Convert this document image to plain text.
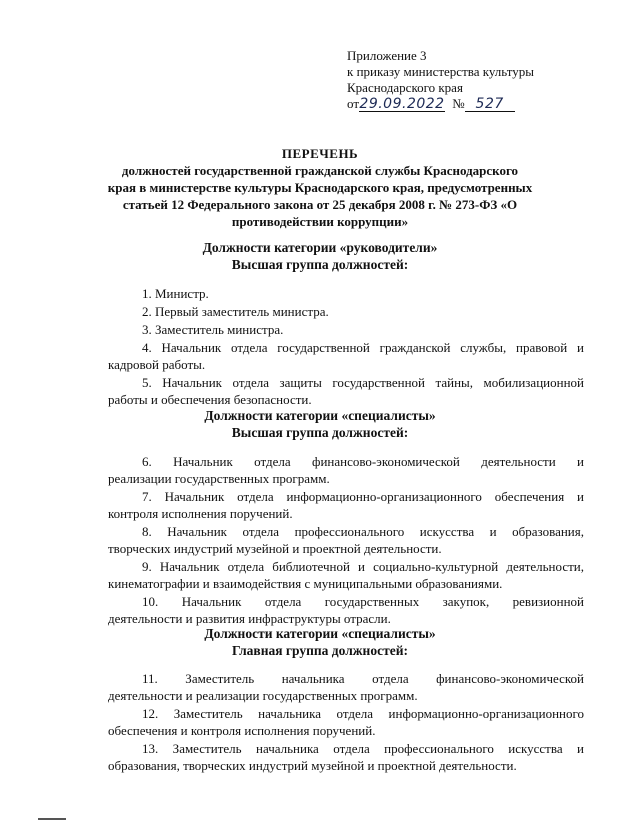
Приложение 3
к приказу министерства культуры
Краснодарского края
от29.09.2022 № 527
ПЕРЕЧЕНЬ
должностей государственной гражданской службы Краснодарского
края в министерстве культуры Краснодарского края, предусмотренных
статьей 12 Федерального закона от 25 декабря 2008 г. № 273-ФЗ «О
противодействии коррупции»
Должности категории «руководители»
Высшая группа должностей:
1. Министр.
2. Первый заместитель министра.
3. Заместитель министра.
4. Начальник отдела государственной гражданской службы, правовой и
кадровой работы.
5. Начальник отдела защиты государственной тайны, мобилизационной
работы и обеспечения безопасности.
Должности категории «специалисты»
Высшая группа должностей:
6. Начальник отдела финансово-экономической деятельности и
реализации государственных программ.
7. Начальник отдела информационно-организационного обеспечения и
контроля исполнения поручений.
8. Начальник отдела профессионального искусства и образования,
творческих индустрий музейной и проектной деятельности.
9. Начальник отдела библиотечной и социально-культурной деятельности,
кинематографии и взаимодействия с муниципальными образованиями.
10. Начальник отдела государственных закупок, ревизионной
деятельности и развития инфраструктуры отрасли.
Должности категории «специалисты»
Главная группа должностей:
11. Заместитель начальника отдела финансово-экономической
деятельности и реализации государственных программ.
12. Заместитель начальника отдела информационно-организационного
обеспечения и контроля исполнения поручений.
13. Заместитель начальника отдела профессионального искусства и
образования, творческих индустрий музейной и проектной деятельности.
